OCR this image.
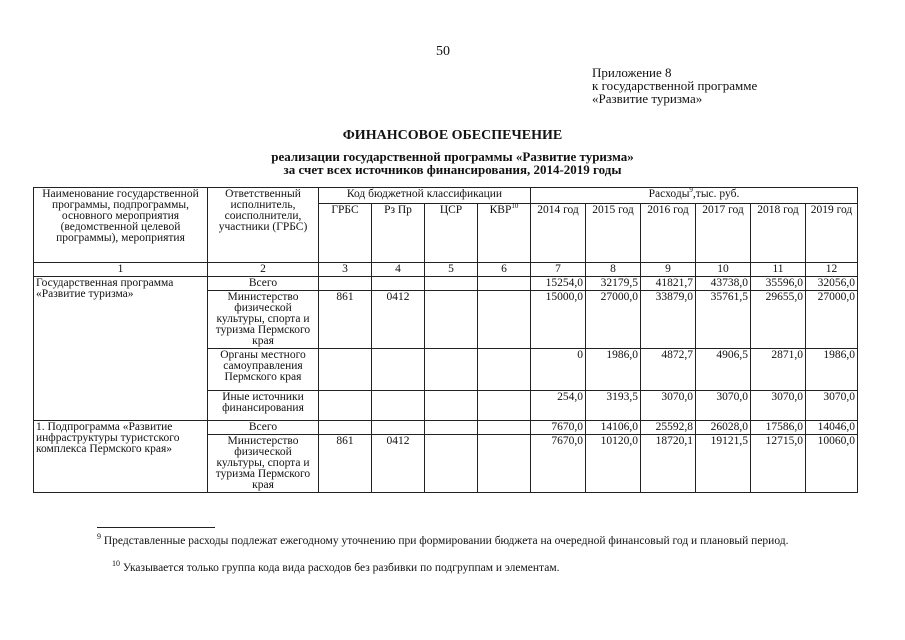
50
Приложение 8
к государственной программе
«Развитие туризма»
ФИНАНСОВОЕ ОБЕСПЕЧЕНИЕ
реализации государственной программы «Развитие туризма»
за счет всех источников финансирования, 2014-2019 годы
Наименование государственной программы, подпрограммы, основного мероприятия (ведомственной целевой программы), мероприятия	Ответственный исполнитель, соисполнители, участники (ГРБС)	Код бюджетной классификации				Расходы$^9$,тыс. руб.					
		ГРБС	Рз Пр	ЦСР	КВР$^{10}$	2014 год	2015 год	2016 год	2017 год	2018 год	2019 год
1	2	3	4	5	6	7	8	9	10	11	12
Государственная программа «Развитие туризма»	Всего					15254,0	32179,5	41821,7	43738,0	35596,0	32056,0
	Министерство физической культуры, спорта и туризма Пермского края	861	0412			15000,0	27000,0	33879,0	35761,5	29655,0	27000,0
	Органы местного самоуправления Пермского края					0	1986,0	4872,7	4906,5	2871,0	1986,0
	Иные источники финансирования					254,0	3193,5	3070,0	3070,0	3070,0	3070,0
1. Подпрограмма «Развитие инфраструктуры туристского комплекса Пермского края»	Всего					7670,0	14106,0	25592,8	26028,0	17586,0	14046,0
	Министерство физической культуры, спорта и туризма Пермского края	861	0412			7670,0	10120,0	18720,1	19121,5	12715,0	10060,0
$^9$ Представленные расходы подлежат ежегодному уточнению при формировании бюджета на очередной финансовый год и плановый период.
$^{10}$ Указывается только группа кода вида расходов без разбивки по подгруппам и элементам.
